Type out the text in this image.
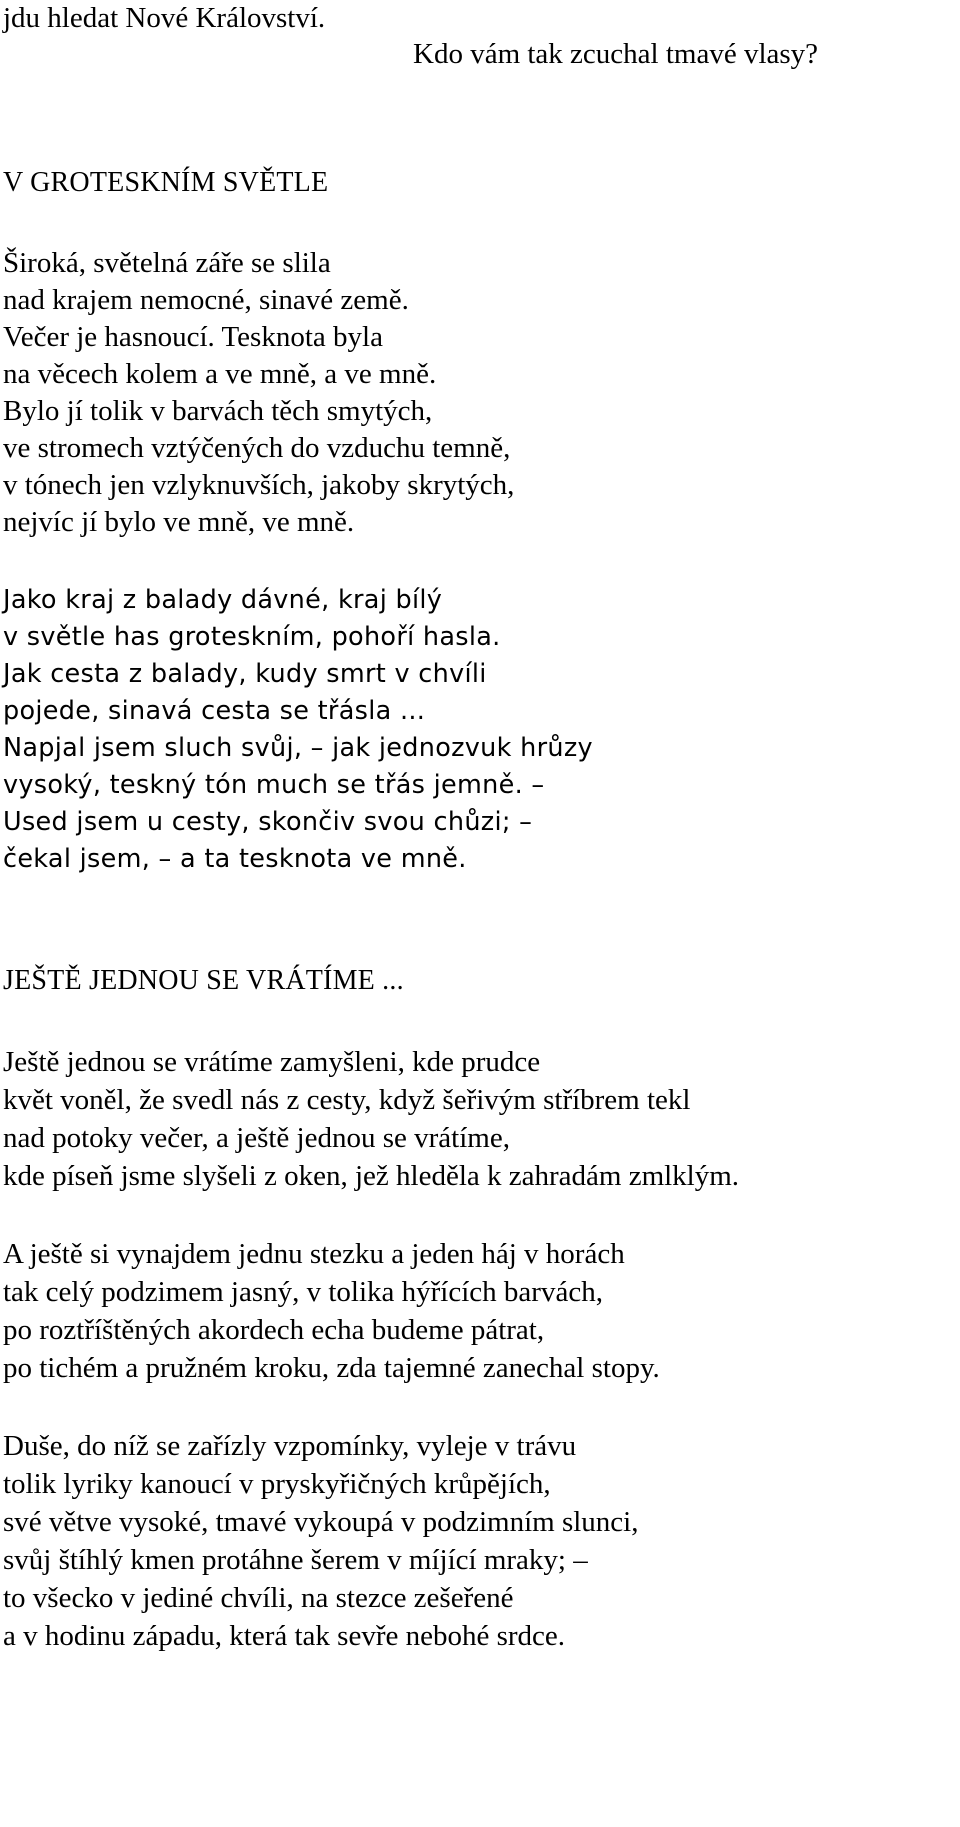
jdu hledat Nové Království.
Kdo vám tak zcuchal tmavé vlasy?
V GROTESKNÍM SVĚTLE
Široká, světelná záře se slila
nad krajem nemocné, sinavé země.
Večer je hasnoucí. Tesknota byla
na věcech kolem a ve mně, a ve mně.
Bylo jí tolik v barvách těch smytých,
ve stromech vztýčených do vzduchu temně,
v tónech jen vzlyknuvších, jakoby skrytých,
nejvíc jí bylo ve mně, ve mně.
Jako kraj z balady dávné, kraj bílý
v světle has groteskním, pohoří hasla.
Jak cesta z balady, kudy smrt v chvíli
pojede, sinavá cesta se třásla ...
Napjal jsem sluch svůj, – jak jednozvuk hrůzy
vysoký, teskný tón much se třás jemně. –
Used jsem u cesty, skončiv svou chůzi; –
čekal jsem, – a ta tesknota ve mně.
JEŠTĚ JEDNOU SE VRÁTÍME ...
Ještě jednou se vrátíme zamyšleni, kde prudce
květ voněl, že svedl nás z cesty, když šeřivým stříbrem tekl
nad potoky večer, a ještě jednou se vrátíme,
kde píseň jsme slyšeli z oken, jež hleděla k zahradám zmlklým.
A ještě si vynajdem jednu stezku a jeden háj v horách
tak celý podzimem jasný, v tolika hýřících barvách,
po roztříštěných akordech echa budeme pátrat,
po tichém a pružném kroku, zda tajemné zanechal stopy.
Duše, do níž se zařízly vzpomínky, vyleje v trávu
tolik lyriky kanoucí v pryskyřičných krůpějích,
své větve vysoké, tmavé vykoupá v podzimním slunci,
svůj štíhlý kmen protáhne šerem v míjící mraky; –
to všecko v jediné chvíli, na stezce zešeřené
a v hodinu západu, která tak sevře nebohé srdce.
